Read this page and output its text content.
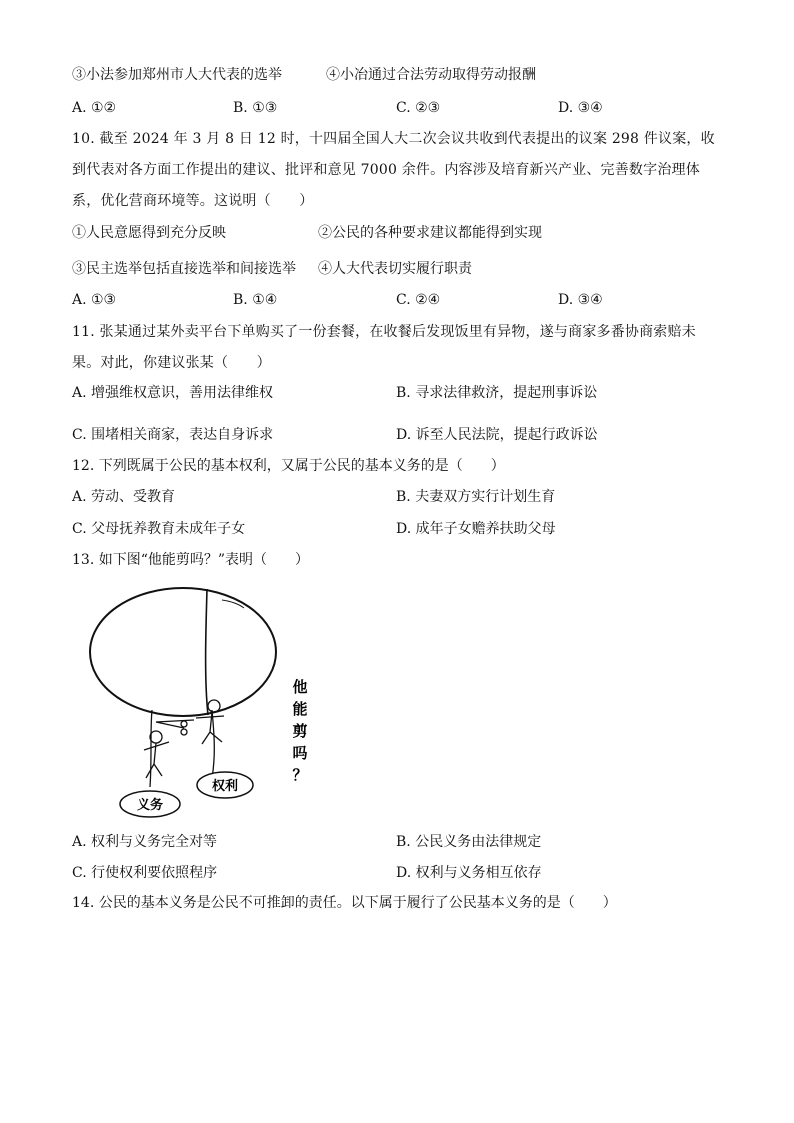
③小法参加郑州市人大代表的选举	④小冶通过合法劳动取得劳动报酬
A. ①②	B. ①③	C. ②③	D. ③④
10. 截至 2024 年 3 月 8 日 12 时，十四届全国人大二次会议共收到代表提出的议案 298 件议案，收到代表对各方面工作提出的建议、批评和意见 7000 余件。内容涉及培育新兴产业、完善数字治理体系，优化营商环境等。这说明（　　）
①人民意愿得到充分反映	②公民的各种要求建议都能得到实现
③民主选举包括直接选举和间接选举 ④人大代表切实履行职责
A. ①③	B. ①④	C. ②④	D. ③④
11. 张某通过某外卖平台下单购买了一份套餐，在收餐后发现饭里有异物，遂与商家多番协商索赔未果。对此，你建议张某（　　）
A. 增强维权意识，善用法律维权	B. 寻求法律救济，提起刑事诉讼
C. 围堵相关商家，表达自身诉求	D. 诉至人民法院，提起行政诉讼
12. 下列既属于公民的基本权利，又属于公民的基本义务的是（　　）
A. 劳动、受教育	B. 夫妻双方实行计划生育
C. 父母抚养教育未成年子女	D. 成年子女赡养扶助父母
13. 如下图“他能剪吗？”表明（　　）
义务
权利
他
能
剪
吗
？
A. 权利与义务完全对等	B. 公民义务由法律规定
C. 行使权利要依照程序	D. 权利与义务相互依存
14. 公民的基本义务是公民不可推卸的责任。以下属于履行了公民基本义务的是（　　）
